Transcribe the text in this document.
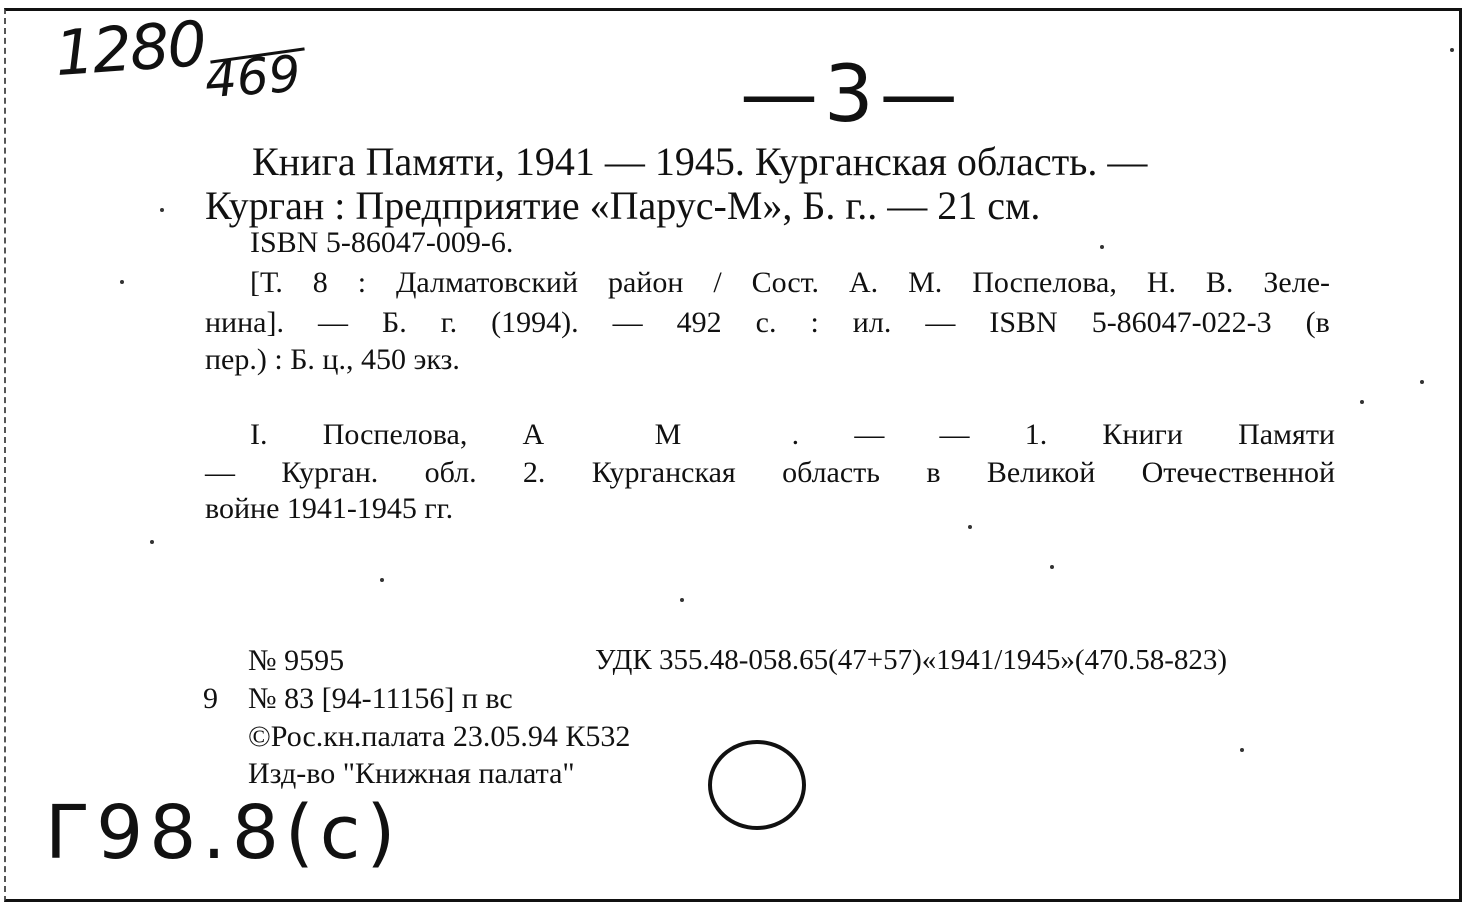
1280
469	—3—
Г98.8(с)
Книга Памяти, 1941 — 1945. Курганская область. —
Курган : Предприятие «Парус-М», Б. г.. — 21 см.
ISBN 5-86047-009-6.
[Т. 8 : Далматовский район / Сост. А. М. Поспелова, Н. В. Зеле-
нина]. — Б. г. (1994). — 492 с. : ил. — ISBN 5-86047-022-3 (в
пер.) : Б. ц., 450 экз.
I. Поспелова, А	М	. — — 1. Книги Памяти
— Курган. обл. 2. Курганская область в Великой Отечественной
войне 1941-1945 гг.
№ 9595	УДК 355.48-058.65(47+57)«1941/1945»(470.58-823)
9 № 83 [94-11156] п вс
©Рос.кн.палата 23.05.94 К532
Изд-во "Книжная палата"
